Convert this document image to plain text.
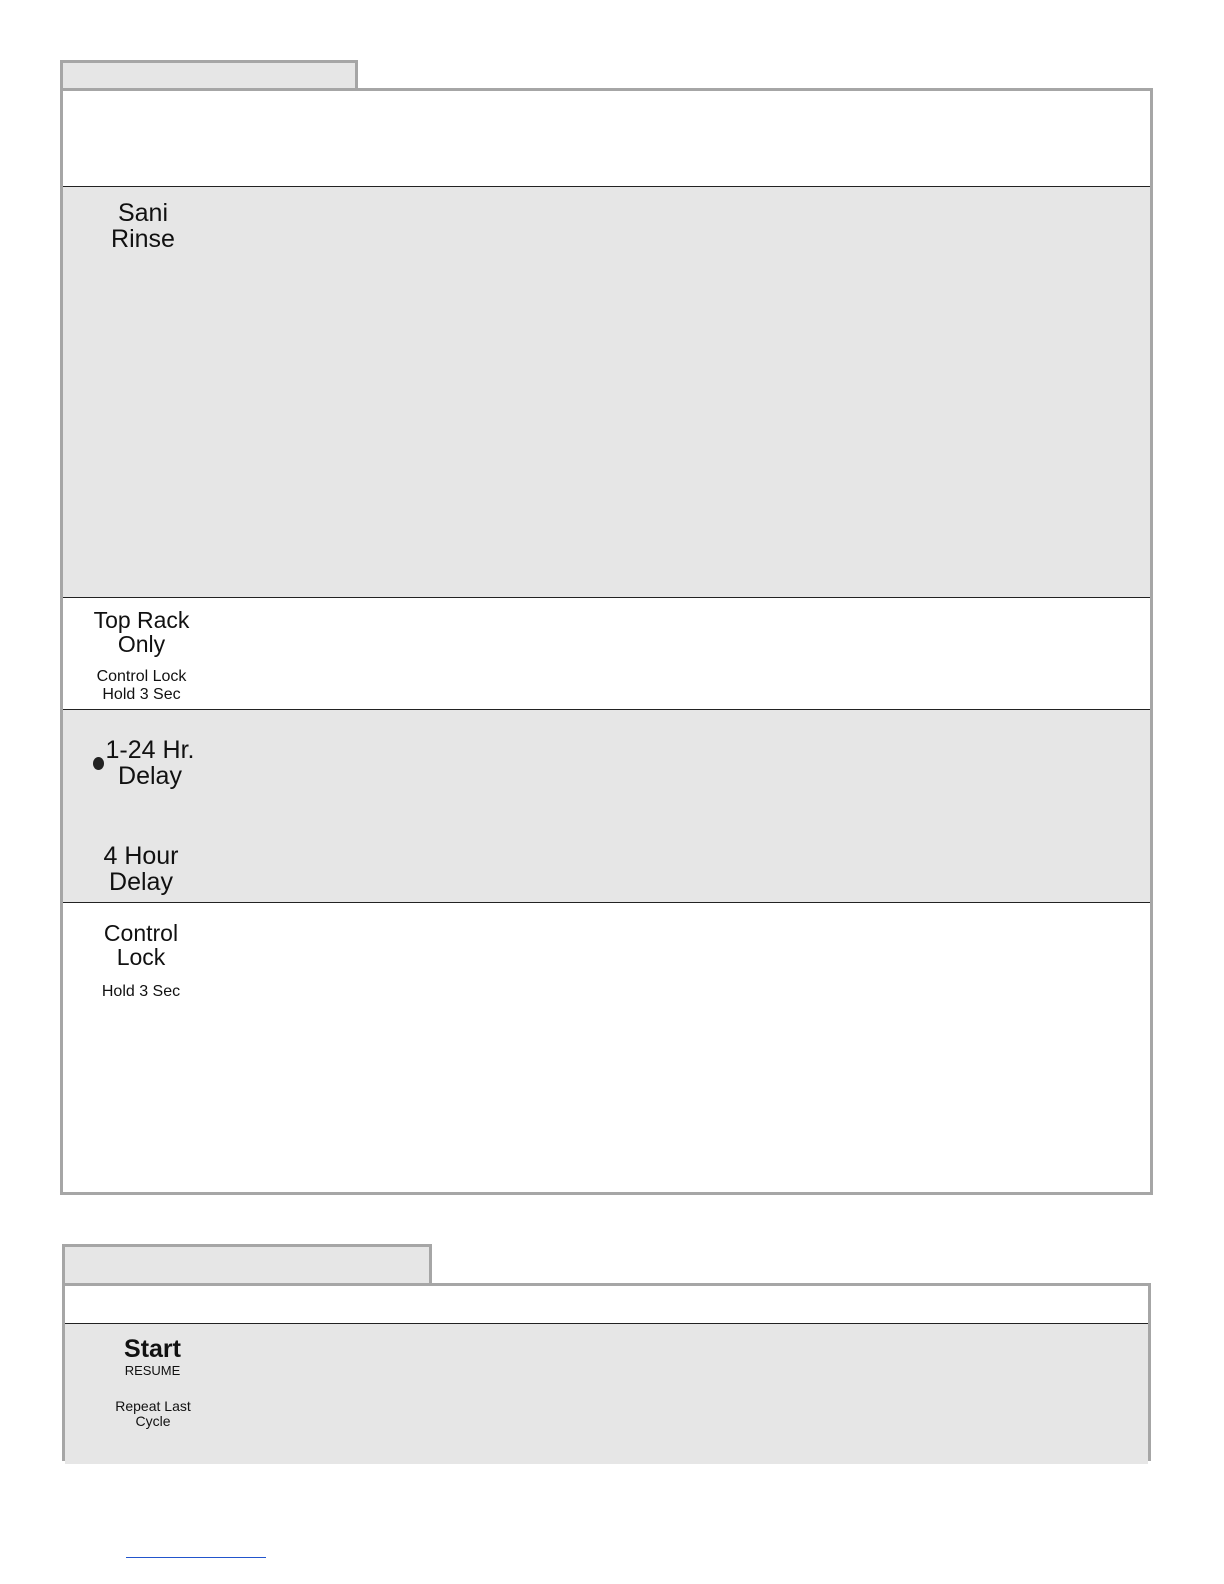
Sani
Rinse
Top Rack
Only
Control Lock
Hold 3 Sec
1-24 Hr.
Delay
4 Hour
Delay
Control
Lock
Hold 3 Sec
Start
RESUME
Repeat Last
Cycle
